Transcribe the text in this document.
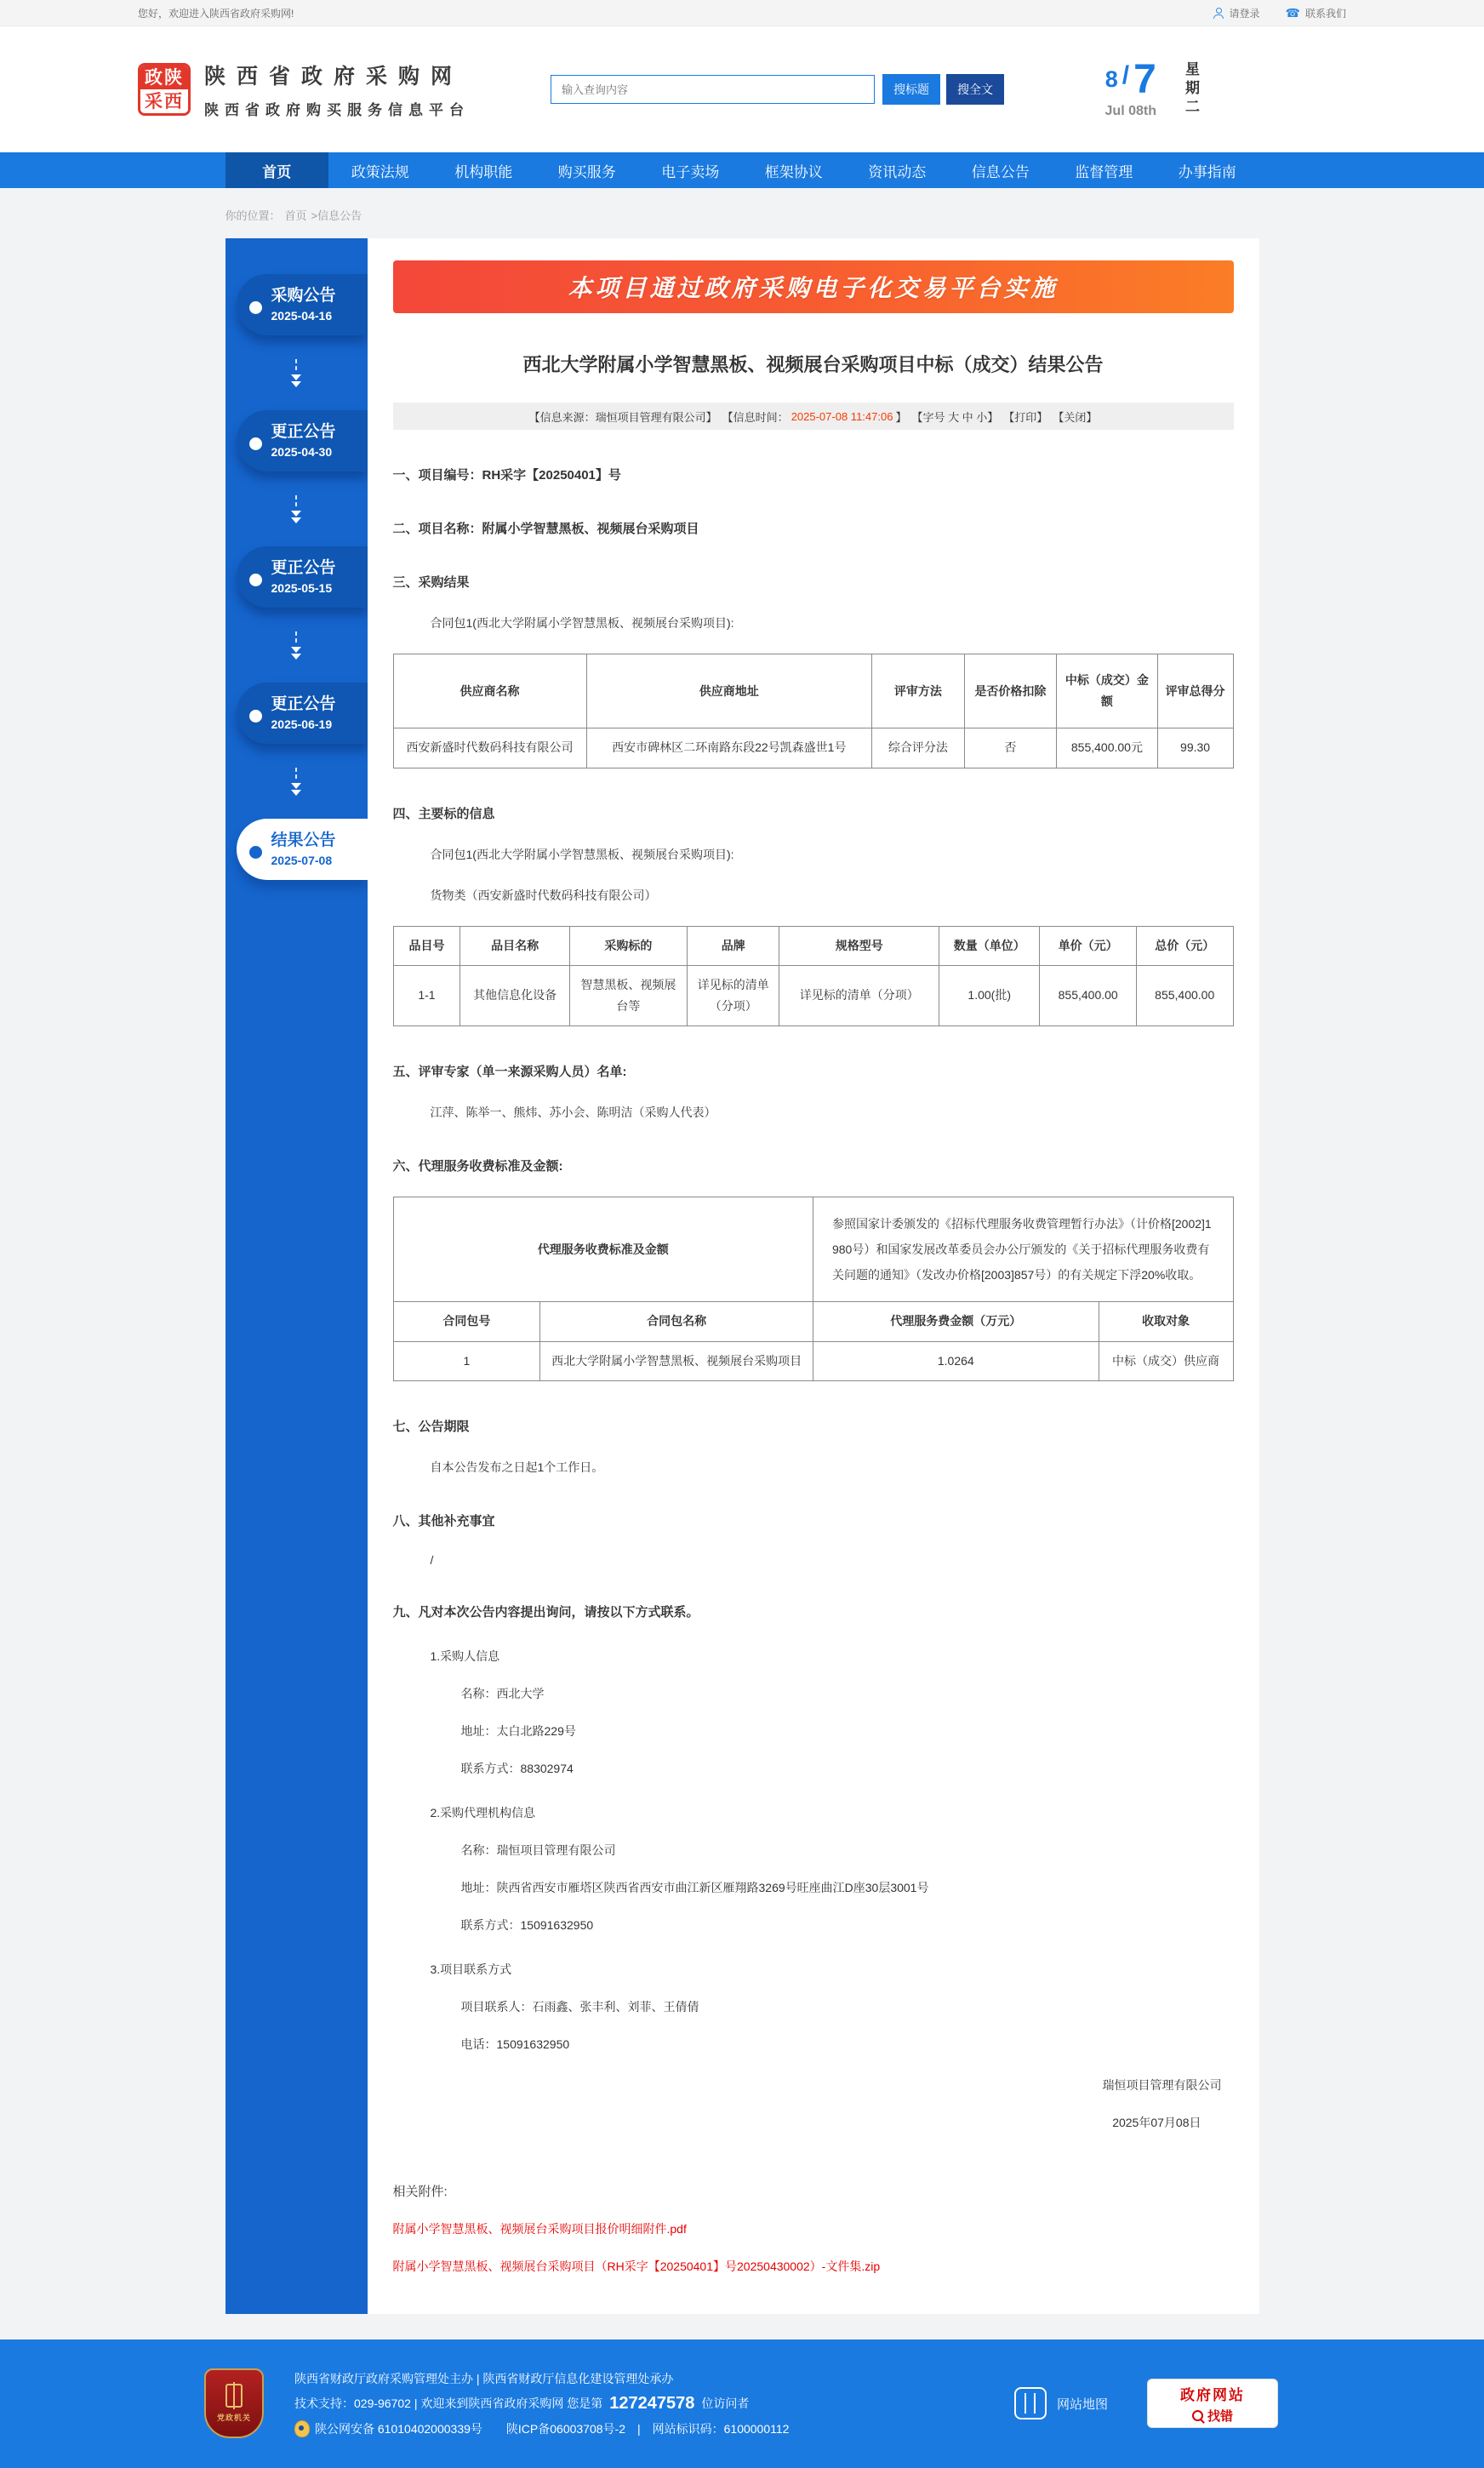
您好，欢迎进入陕西省政府采购网!	请登录 ☎	联系我们
政陕
采西
陕西省政府采购网
陕西省政府购买服务信息平台
输入查询内容
搜标题	搜全文	8 / 7
Jul 08th 星期二
首页	政策法规	机构职能	购买服务	电子卖场	框架协议	资讯动态	信息公告	监督管理	办事指南
你的位置： 首页 >信息公告
采购公告
2025-04-16
更正公告
2025-04-30
更正公告
2025-05-15
更正公告
2025-06-19
结果公告
2025-07-08
本项目通过政府采购电子化交易平台实施
西北大学附属小学智慧黑板、视频展台采购项目中标（成交）结果公告
【信息来源：瑞恒项目管理有限公司】 【信息时间： 2025-07-08 11:47:06 】 【字号 大 中 小】 【打印】 【关闭】
一、项目编号：RH采字【20250401】号
二、项目名称：附属小学智慧黑板、视频展台采购项目
三、采购结果
合同包1(西北大学附属小学智慧黑板、视频展台采购项目):
供应商名称	供应商地址	评审方法	是否价格扣除	中标（成交）金额	评审总得分
西安新盛时代数码科技有限公司	西安市碑林区二环南路东段22号凯森盛世1号	综合评分法	否	855,400.00元	99.30
四、主要标的信息
合同包1(西北大学附属小学智慧黑板、视频展台采购项目):
货物类（西安新盛时代数码科技有限公司）
品目号	品目名称	采购标的	品牌	规格型号	数量（单位）	单价（元）	总价（元）
1-1	其他信息化设备	智慧黑板、视频展台等	详见标的清单（分项）	详见标的清单（分项）	1.00(批)	855,400.00	855,400.00
五、评审专家（单一来源采购人员）名单:
江萍、陈举一、熊炜、苏小会、陈明洁（采购人代表）
六、代理服务收费标准及金额:
代理服务收费标准及金额		参照国家计委颁发的《招标代理服务收费管理暂行办法》（计价格[2002]1980号）和国家发展改革委员会办公厅颁发的《关于招标代理服务收费有关问题的通知》（发改办价格[2003]857号）的有关规定下浮20%收取。	
合同包号	合同包名称	代理服务费金额（万元）	收取对象
1	西北大学附属小学智慧黑板、视频展台采购项目	1.0264	中标（成交）供应商
七、公告期限
自本公告发布之日起1个工作日。
八、其他补充事宜
/
九、凡对本次公告内容提出询问，请按以下方式联系。
1.采购人信息
名称：西北大学
地址：太白北路229号
联系方式：88302974
2.采购代理机构信息
名称：瑞恒项目管理有限公司
地址：陕西省西安市雁塔区陕西省西安市曲江新区雁翔路3269号旺座曲江D座30层3001号
联系方式：15091632950
3.项目联系方式
项目联系人：石雨鑫、张丰利、刘菲、王倩倩
电话：15091632950
瑞恒项目管理有限公司
2025年07月08日
相关附件:
附属小学智慧黑板、视频展台采购项目报价明细附件.pdf
附属小学智慧黑板、视频展台采购项目（RH采字【20250401】号20250430002）-文件集.zip
党政机关
陕西省财政厅政府采购管理处主办 | 陕西省财政厅信息化建设管理处承办
技术支持：029-96702 | 欢迎来到陕西省政府采购网 您是第 127247578 位访问者
陕公网安备 61010402000339号 陕ICP备06003708号-2 | 网站标识码：6100000112
网站地图
政府网站
找错
